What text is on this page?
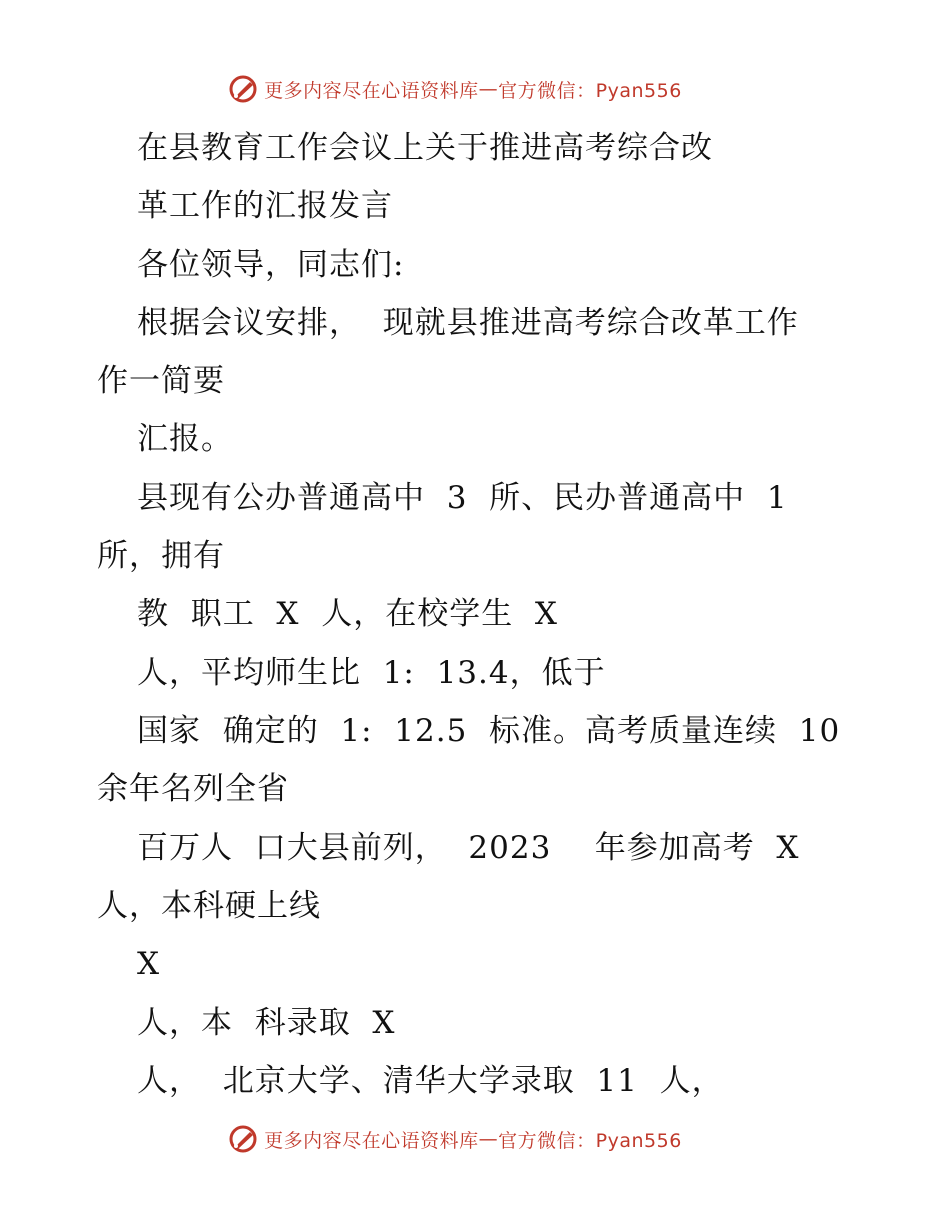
更多内容尽在心语资料库 — 官方微信：Pyan556
在县教育工作会议上关于推进高考综合改
革工作的汇报发言
各位领导，同志们:
根据会议安排，  现就县推进高考综合改革工作
作一简要
汇报。
县现有公办普通高中  3  所、民办普通高中  1
所，拥有
教  职工  X  人，在校学生  X
人，平均师生比  1:  13.4，低于
国家  确定的  1:  12.5  标准。高考质量连续  10
余年名列全省
百万人  口大县前列，  2023    年参加高考  X
人，本科硬上线
X
人，本  科录取  X
人，  北京大学、清华大学录取  11  人，
更多内容尽在心语资料库 — 官方微信：Pyan556
